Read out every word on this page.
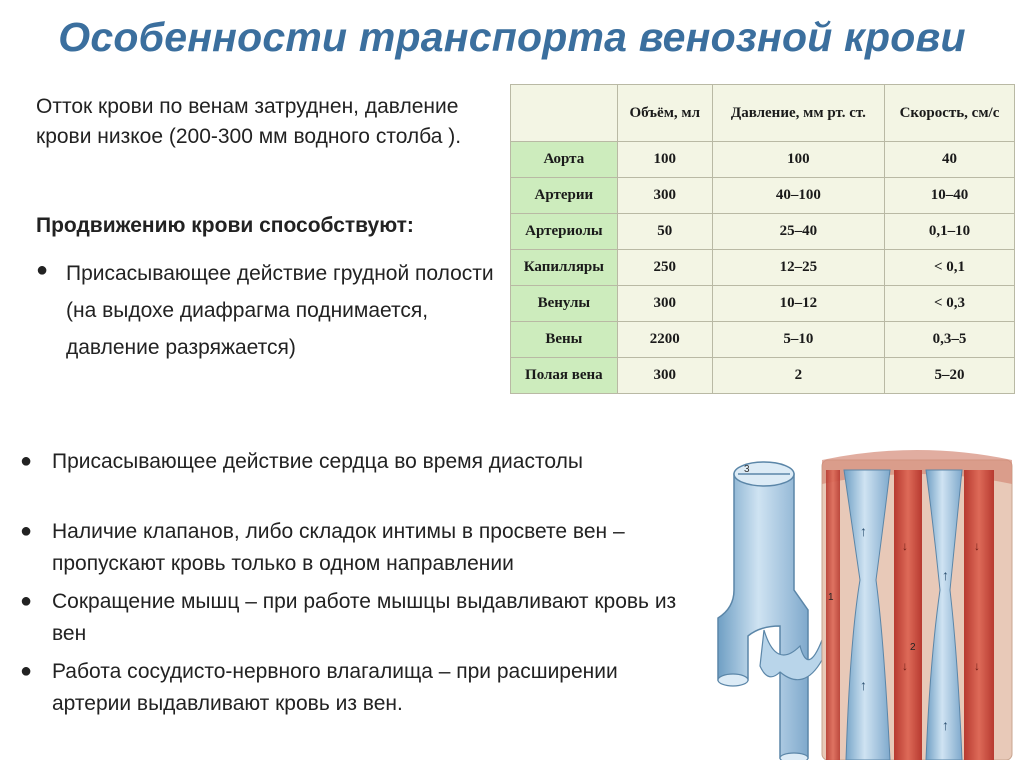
Особенности транспорта венозной крови
Отток крови по венам затруднен, давление крови низкое (200-300 мм водного столба ).
Продвижению крови способствуют:
● Присасывающее действие грудной полости (на выдохе диафрагма поднимается, давление разряжается)
	Объём, мл	Давление, мм рт. ст.	Скорость, см/с
Аорта	100	100	40
Артерии	300	40–100	10–40
Артериолы	50	25–40	0,1–10
Капилляры	250	12–25	< 0,1
Венулы	300	10–12	< 0,3
Вены	2200	5–10	0,3–5
Полая вена	300	2	5–20
● Присасывающее действие сердца во время диастолы
● Наличие клапанов, либо складок интимы в просвете вен – пропускают кровь только в одном направлении
● Сокращение мышц – при работе мышцы выдавливают кровь из вен
● Работа сосудисто-нервного влагалища – при расширении артерии выдавливают кровь из вен.
3
↑
↑
↑
↑
↓	↓
↓	↓
1
2
